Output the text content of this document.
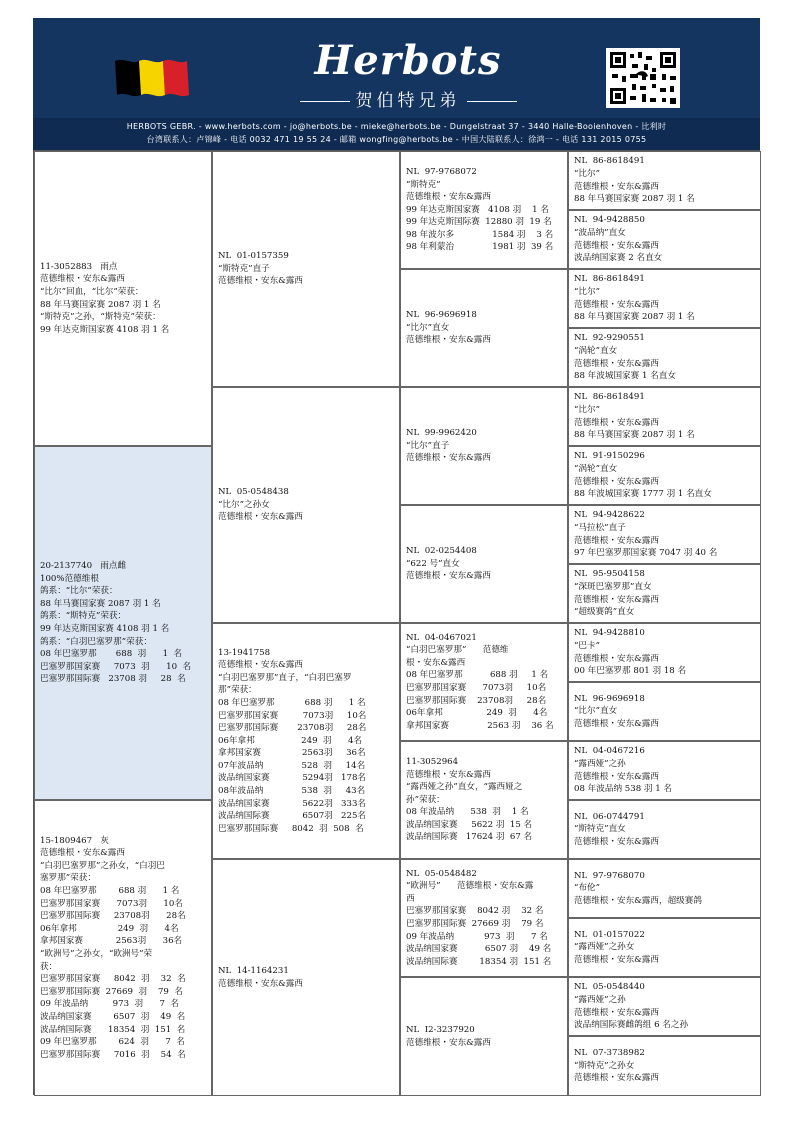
Herbots
贺伯特兄弟
HERBOTS GEBR. - www.herbots.com - jo@herbots.be - mieke@herbots.be - Dungelstraat 37 - 3440 Halle-Booienhoven - 比利时
台湾联系人：卢锦峰 - 电话 0032 471 19 55 24 - 邮箱 wongfing@herbots.be - 中国大陆联系人：徐鸿一 - 电话 131 2015 0755
11-3052883   雨点
范德维根・安东&露西
“比尔”回血，“比尔”荣获：
88 年马赛国家赛 2087 羽 1 名
“斯特克”之孙，“斯特克”荣获：
99 年达克斯国家赛 4108 羽 1 名
20-2137740   雨点雌
100%范德维根
鸽系：“比尔”荣获：
88 年马赛国家赛 2087 羽 1 名
鸽系：“斯特克”荣获：
99 年达克斯国家赛 4108 羽 1 名
鸽系：“白羽巴塞罗那”荣获：
08 年巴塞罗那       688  羽      1  名
巴塞罗那国家赛     7073  羽      10  名
巴塞罗那国际赛   23708 羽     28  名
15-1809467   灰
范德维根・安东&露西
“白羽巴塞罗那”之孙女，“白羽巴
塞罗那”荣获：
08 年巴塞罗那        688 羽      1 名
巴塞罗那国家赛      7073羽      10名
巴塞罗那国际赛     23708羽      28名
06年拿邦               249  羽      4名
拿邦国家赛            2563羽      36名
“欧洲号”之孙女，“欧洲号”荣
获：
巴塞罗那国家赛     8042  羽    32  名
巴塞罗那国际赛  27669  羽    79  名
09 年波品纳         973  羽      7  名
波品纳国家赛        6507  羽    49  名
波品纳国际赛      18354  羽  151  名
09 年巴塞罗那        624  羽      7  名
巴塞罗那国际赛     7016  羽    54  名
NL  01-0157359
“斯特克”直子
范德维根・安东&露西
NL  05-0548438
“比尔”之孙女
范德维根・安东&露西
13-1941758
范德维根・安东&露西
“白羽巴塞罗那”直子，“白羽巴塞罗
那”荣获：
08 年巴塞罗那           688 羽      1 名
巴塞罗那国家赛         7073羽     10名
巴塞罗那国际赛       23708羽     28名
06年拿邦                 249  羽      4名
拿邦国家赛               2563羽     36名
07年波品纳              528  羽     14名
波品纳国家赛            5294羽   178名
08年波品纳              538  羽     43名
波品纳国家赛            5622羽   333名
波品纳国际赛            6507羽   225名
巴塞罗那国际赛     8042  羽  508  名
NL  14-1164231
范德维根・安东&露西
NL  97-9768072
“斯特克”
范德维根・安东&露西
99 年达克斯国家赛   4108 羽    1 名
99 年达克斯国际赛  12880 羽  19 名
98 年波尔多              1584 羽    3 名
98 年利蒙治              1981 羽  39 名
NL  96-9696918
“比尔”直女
范德维根・安东&露西
NL  99-9962420
“比尔”直子
范德维根・安东&露西
NL  02-0254408
“622 号”直女
范德维根・安东&露西
NL  04-0467021
“白羽巴塞罗那”      范德维
根・安东&露西
08 年巴塞罗那          688 羽     1 名
巴塞罗那国家赛      7073羽     10名
巴塞罗那国际赛    23708羽     28名
06年拿邦                249  羽      4名
拿邦国家赛              2563 羽    36 名
11-3052964
范德维根・安东&露西
“露西娅之孙”直女，“露西娅之
孙”荣获：
08 年波品纳      538  羽    1 名
波品纳国家赛     5622 羽  15 名
波品纳国际赛   17624 羽  67 名
NL  05-0548482
“欧洲号”      范德维根・安东&露
西
巴塞罗那国家赛    8042 羽    32 名
巴塞罗那国际赛  27669 羽    79 名
09 年波品纳           973  羽      7 名
波品纳国家赛          6507 羽    49 名
波品纳国际赛        18354 羽  151 名
NL  I2-3237920
范德维根・安东&露西
NL  86-8618491
“比尔”
范德维根・安东&露西
88 年马赛国家赛 2087 羽 1 名
NL  94-9428850
“波品纳”直女
范德维根・安东&露西
波品纳国家赛 2 名直女
NL  86-8618491
“比尔”
范德维根・安东&露西
88 年马赛国家赛 2087 羽 1 名
NL  92-9290551
“涡轮”直女
范德维根・安东&露西
88 年波城国家赛 1 名直女
NL  86-8618491
“比尔”
范德维根・安东&露西
88 年马赛国家赛 2087 羽 1 名
NL  91-9150296
“涡轮”直女
范德维根・安东&露西
88 年波城国家赛 1777 羽 1 名直女
NL  94-9428622
“马拉松”直子
范德维根・安东&露西
97 年巴塞罗那国家赛 7047 羽 40 名
NL  95-9504158
“深斑巴塞罗那”直女
范德维根・安东&露西
“超级赛鸽”直女
NL  94-9428810
“巴卡”
范德维根・安东&露西
00 年巴塞罗那 801 羽 18 名
NL  96-9696918
“比尔”直女
范德维根・安东&露西
NL  04-0467216
“露西娅”之孙
范德维根・安东&露西
08 年波品纳 538 羽 1 名
NL  06-0744791
“斯特克”直女
范德维根・安东&露西
NL  97-9768070
“布伦”
范德维根・安东&露西，超级赛鸽
NL  01-0157022
“露西娅”之孙女
范德维根・安东&露西
NL  05-0548440
“露西娅”之孙
范德维根・安东&露西
波品纳国际赛雌鸽组 6 名之孙
NL  07-3738982
“斯特克”之孙女
范德维根・安东&露西
